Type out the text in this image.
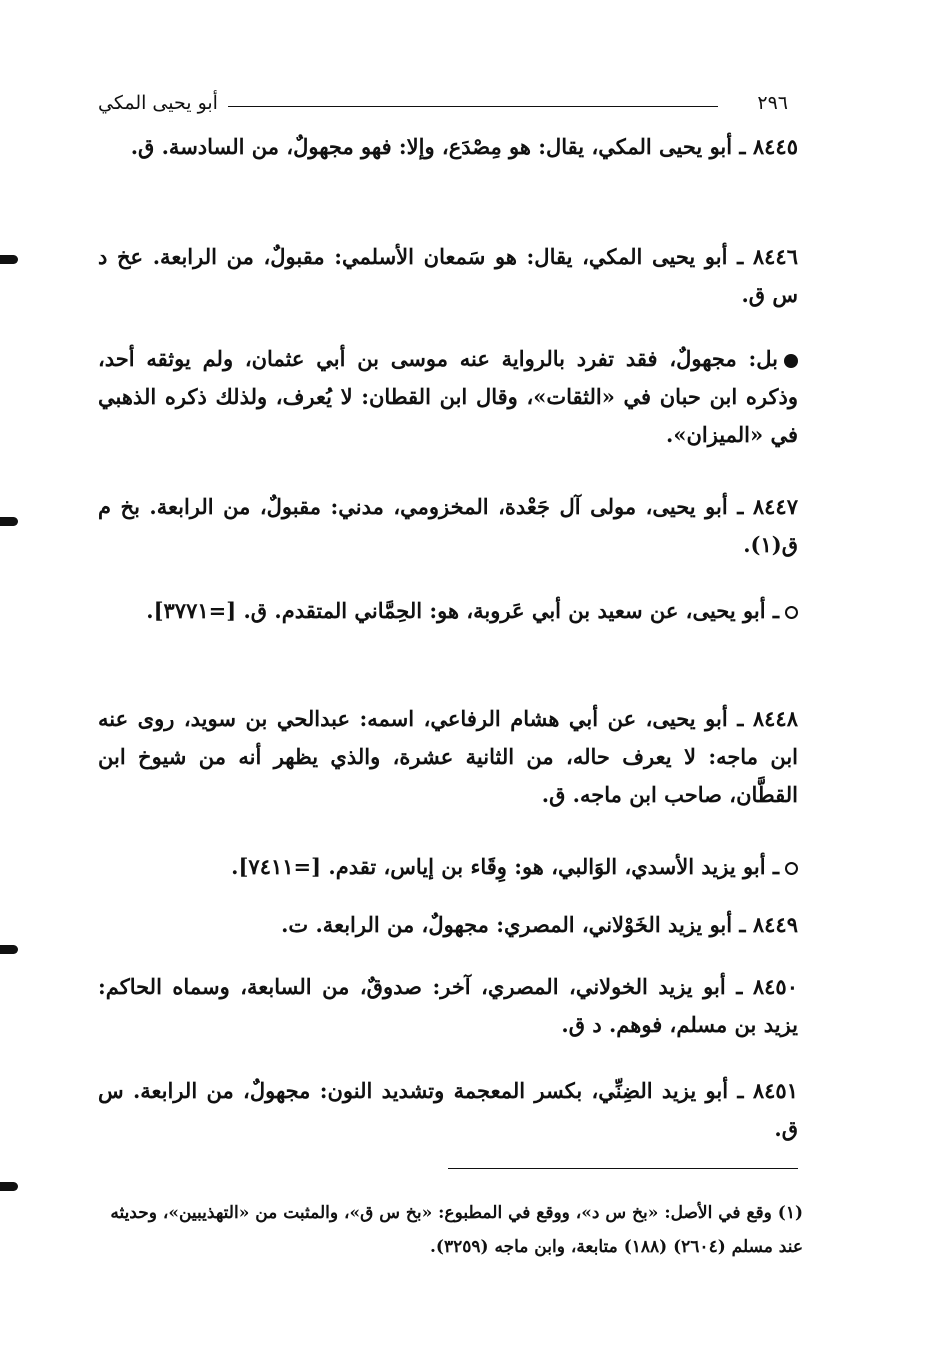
٢٩٦
أبو يحيى المكي
٨٤٤٥ ـ أبو يحيى المكي، يقال: هو مِصْدَع، وإلا: فهو مجهولٌ، من السادسة. ق.
٨٤٤٦ ـ أبو يحيى المكي، يقال: هو سَمعان الأسلمي: مقبولٌ، من الرابعة. عخ د س ق.
بل: مجهولٌ، فقد تفرد بالرواية عنه موسى بن أبي عثمان، ولم يوثقه أحد، وذكره ابن حبان في «الثقات»، وقال ابن القطان: لا يُعرف، ولذلك ذكره الذهبي في «الميزان».
٨٤٤٧ ـ أبو يحيى، مولى آل جَعْدة، المخزومي، مدني: مقبولٌ، من الرابعة. بخ م ق(١).
ـ أبو يحيى، عن سعيد بن أبي عَروبة، هو: الحِمَّاني المتقدم. ق. [=٣٧٧١].
٨٤٤٨ ـ أبو يحيى، عن أبي هشام الرفاعي، اسمه: عبدالحي بن سويد، روى عنه ابن ماجه: لا يعرف حاله، من الثانية عشرة، والذي يظهر أنه من شيوخ ابن القطَّان، صاحب ابن ماجه. ق.
ـ أبو يزيد الأسدي، الوَالبي، هو: وِقَاء بن إياس، تقدم. [=٧٤١١].
٨٤٤٩ ـ أبو يزيد الخَوْلاني، المصري: مجهولٌ، من الرابعة. ت.
٨٤٥٠ ـ أبو يزيد الخولاني، المصري، آخر: صدوقٌ، من السابعة، وسماه الحاكم: يزيد بن مسلم، فوهم. د ق.
٨٤٥١ ـ أبو يزيد الضِنِّي، بكسر المعجمة وتشديد النون: مجهولٌ، من الرابعة. س ق.
(١) وقع في الأصل: «بخ س د»، ووقع في المطبوع: «بخ س ق»، والمثبت من «التهذيبين»، وحديثه عند مسلم (٢٦٠٤) (١٨٨) متابعة، وابن ماجه (٣٢٥٩).
